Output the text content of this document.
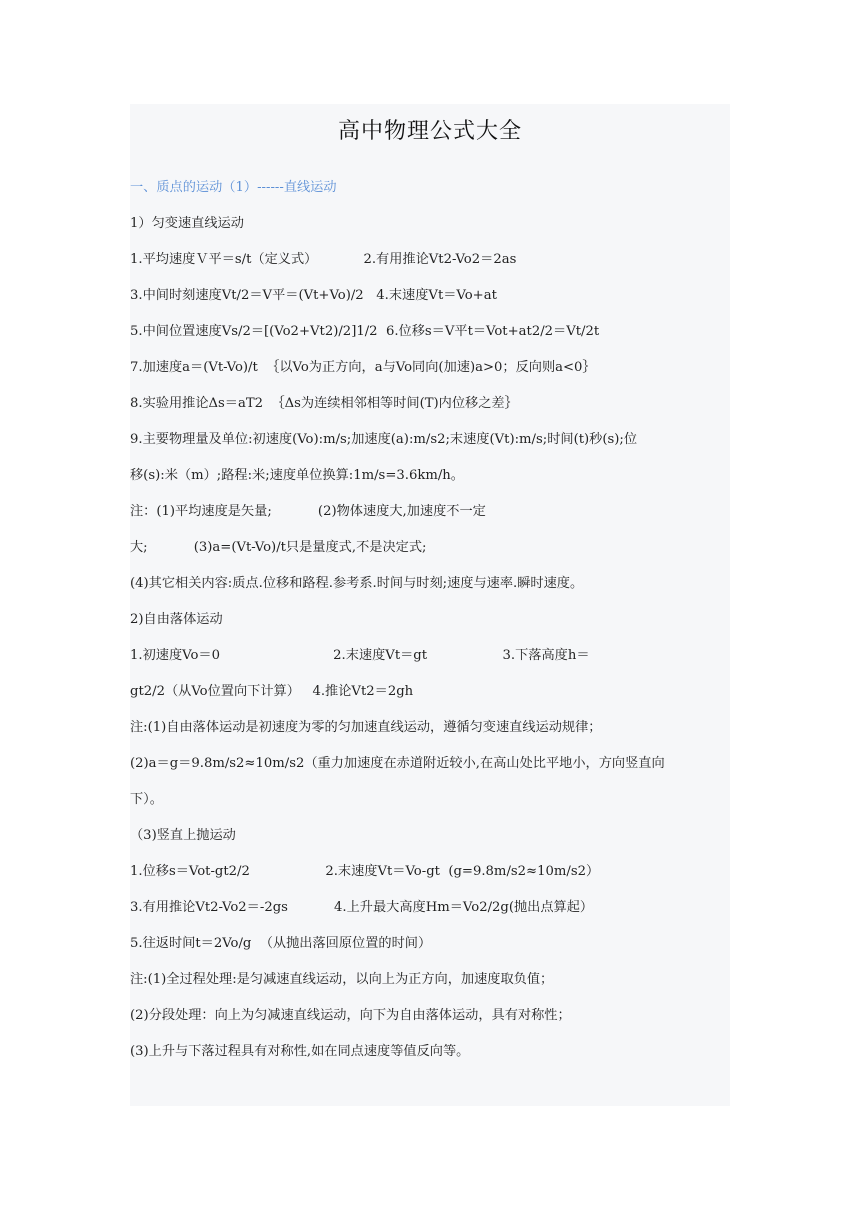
高中物理公式大全
一、质点的运动（1）------直线运动
1）匀变速直线运动
1.平均速度Ｖ平＝s/t（定义式）           2.有用推论Vt2-Vo2＝2as
3.中间时刻速度Vt/2＝V平＝(Vt+Vo)/2   4.末速度Vt＝Vo+at
5.中间位置速度Vs/2＝[(Vo2+Vt2)/2]1/2  6.位移s＝V平t＝Vot+at2/2＝Vt/2t
7.加速度a＝(Vt-Vo)/t  ｛以Vo为正方向，a与Vo同向(加速)a>0；反向则a<0｝
8.实验用推论Δs＝aT2  ｛Δs为连续相邻相等时间(T)内位移之差｝
9.主要物理量及单位:初速度(Vo):m/s;加速度(a):m/s2;末速度(Vt):m/s;时间(t)秒(s);位
移(s):米（m）;路程:米;速度单位换算:1m/s=3.6km/h。
注：(1)平均速度是矢量;           (2)物体速度大,加速度不一定
大;           (3)a=(Vt-Vo)/t只是量度式,不是决定式;
(4)其它相关内容:质点.位移和路程.参考系.时间与时刻;速度与速率.瞬时速度。
2)自由落体运动
1.初速度Vo＝0                           2.末速度Vt＝gt                  3.下落高度h＝
gt2/2（从Vo位置向下计算）   4.推论Vt2＝2gh
注:(1)自由落体运动是初速度为零的匀加速直线运动，遵循匀变速直线运动规律；
(2)a＝g＝9.8m/s2≈10m/s2（重力加速度在赤道附近较小,在高山处比平地小，方向竖直向
下）。
（3)竖直上抛运动
1.位移s＝Vot-gt2/2                  2.末速度Vt＝Vo-gt  (g=9.8m/s2≈10m/s2）
3.有用推论Vt2-Vo2＝-2gs           4.上升最大高度Hm＝Vo2/2g(抛出点算起）
5.往返时间t＝2Vo/g  （从抛出落回原位置的时间）
注:(1)全过程处理:是匀减速直线运动，以向上为正方向，加速度取负值；
(2)分段处理：向上为匀减速直线运动，向下为自由落体运动，具有对称性；
(3)上升与下落过程具有对称性,如在同点速度等值反向等。
